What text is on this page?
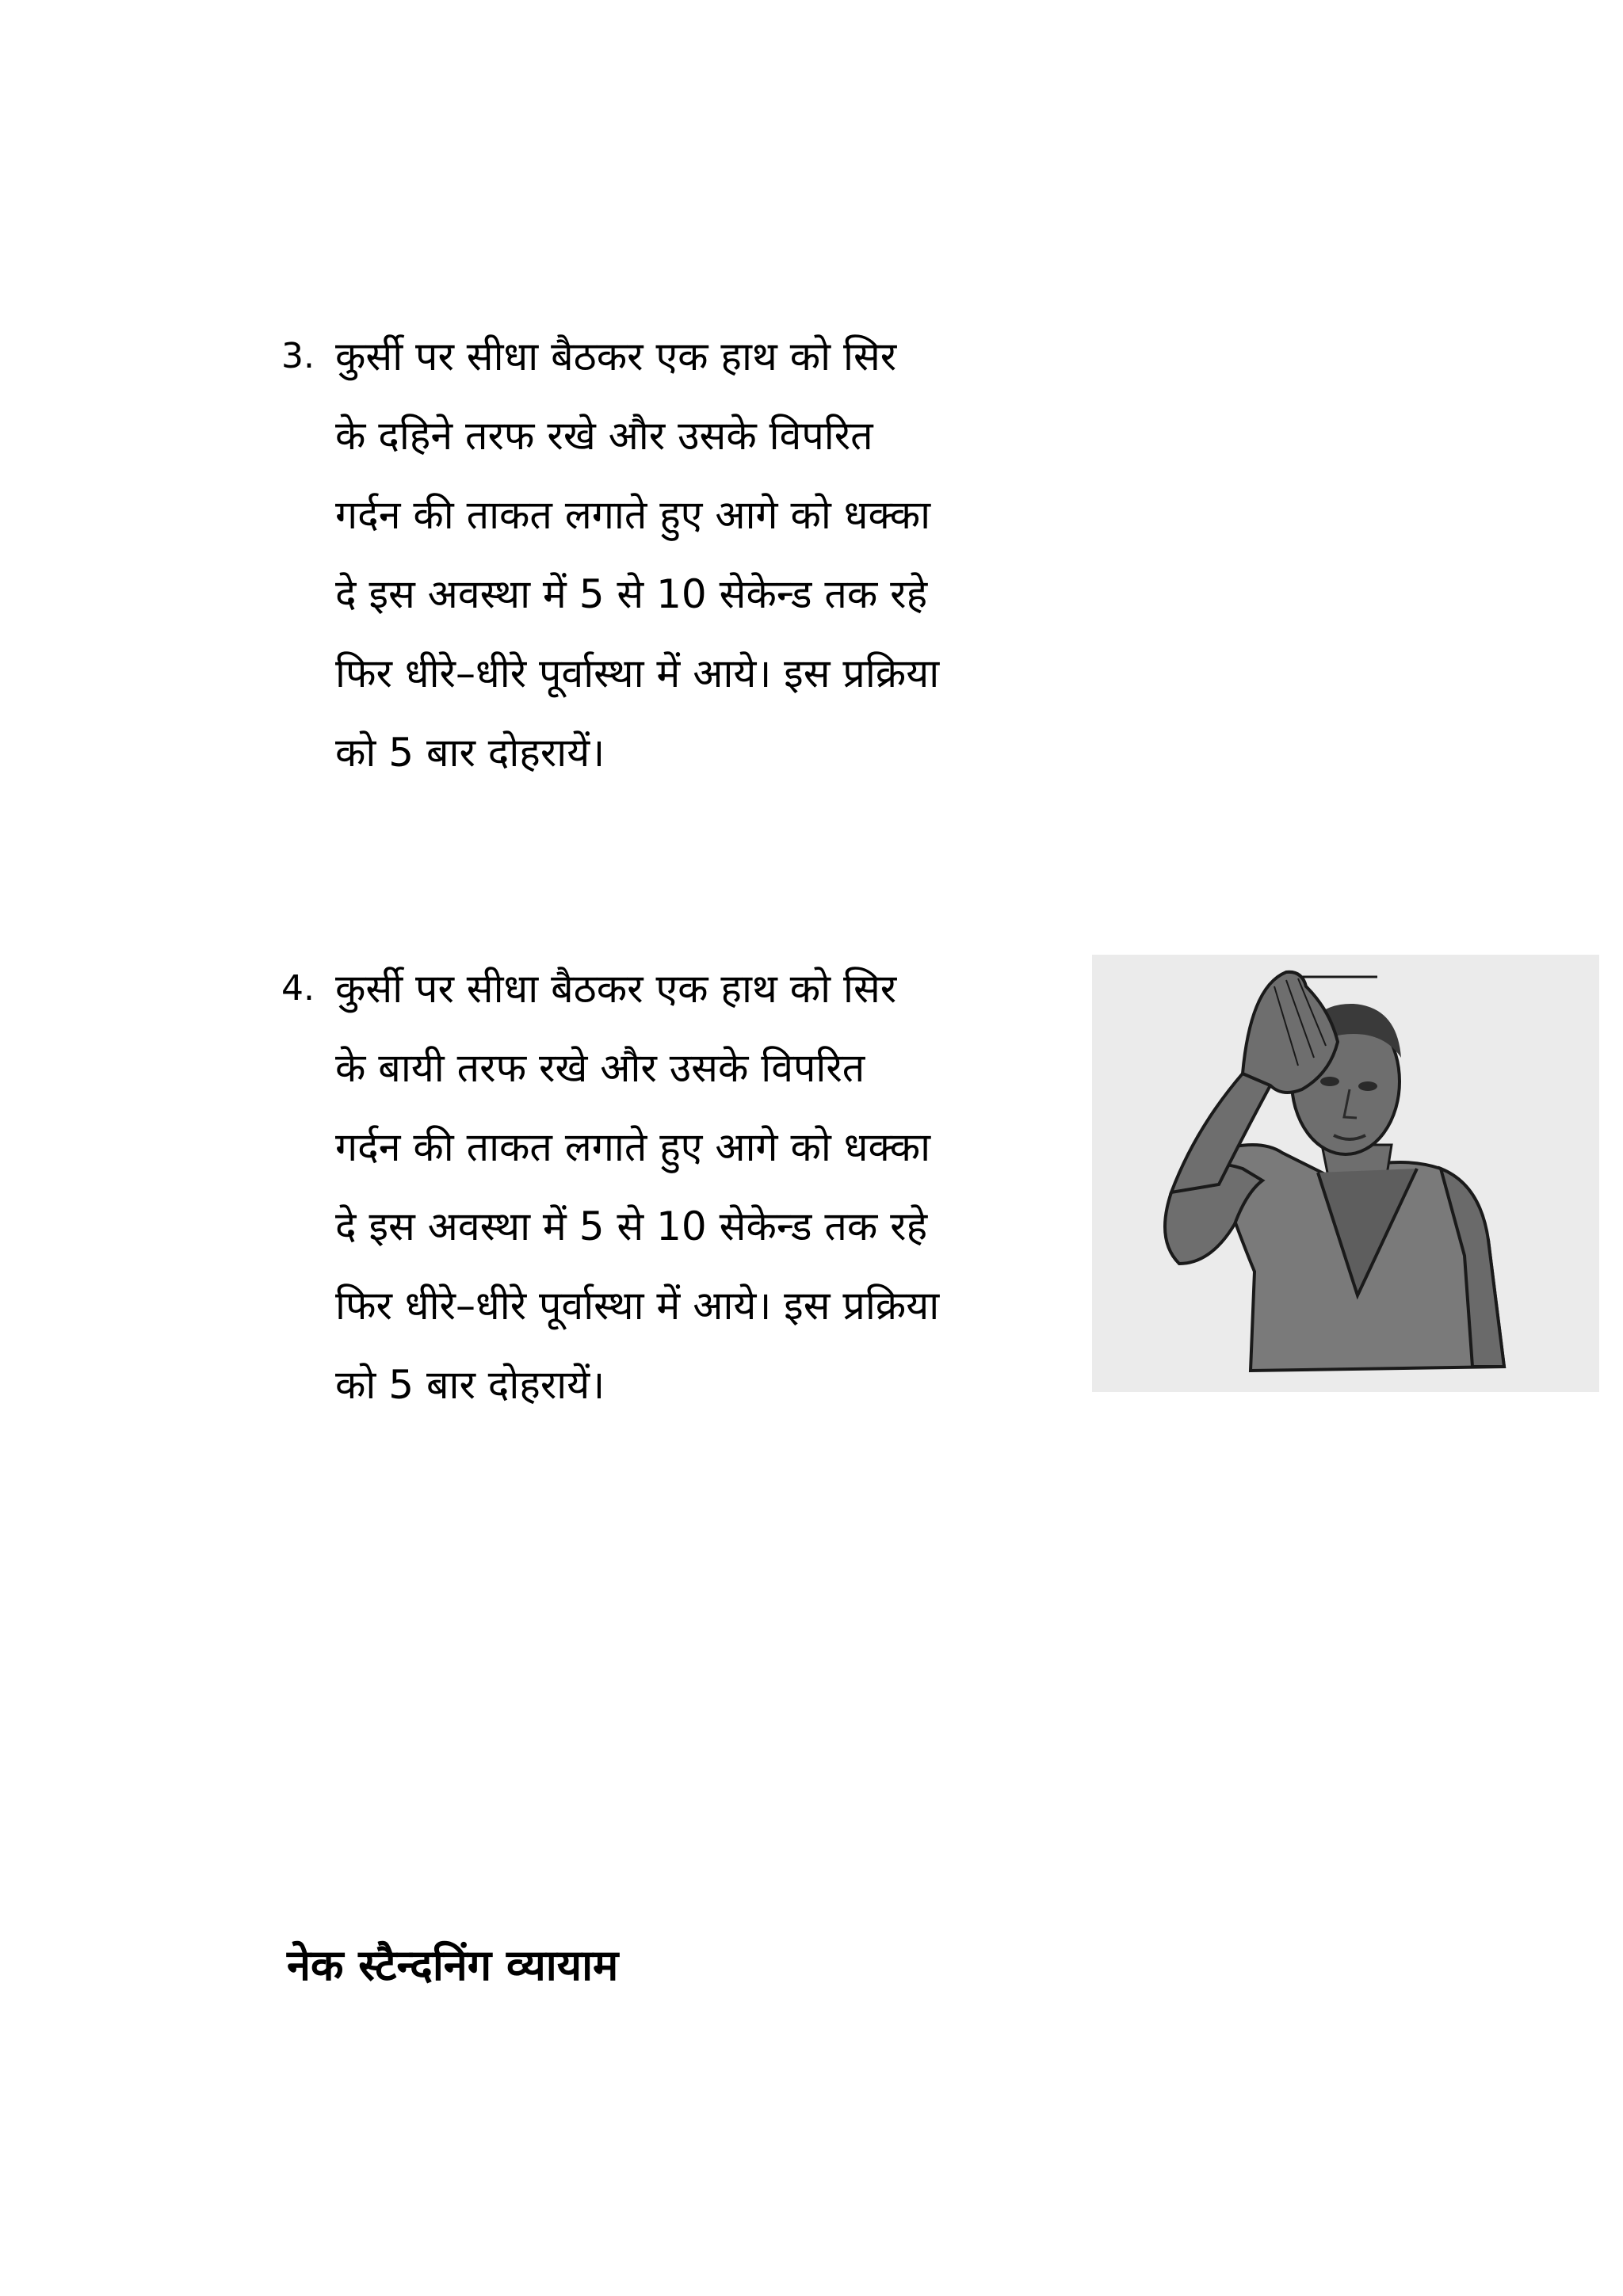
3. कुर्सी पर सीधा बैठकर एक हाथ को सिर
के दहिने तरफ रखे और उसके विपरित
गर्दन की ताकत लगाते हुए आगे को धक्का
दे इस अवस्था में 5 से 10 सेकेन्ड तक रहे
फिर धीरे–धीरे पूर्वास्था में आये। इस प्रक्रिया
को 5 बार दोहरायें।
4. कुर्सी पर सीधा बैठकर एक हाथ को सिर
के बायी तरफ रखे और उसके विपरित
गर्दन की ताकत लगाते हुए आगे को धक्का
दे इस अवस्था में 5 से 10 सेकेन्ड तक रहे
फिर धीरे–धीरे पूर्वास्था में आये। इस प्रक्रिया
को 5 बार दोहरायें।
नेक स्टैन्दनिंग व्यायाम
